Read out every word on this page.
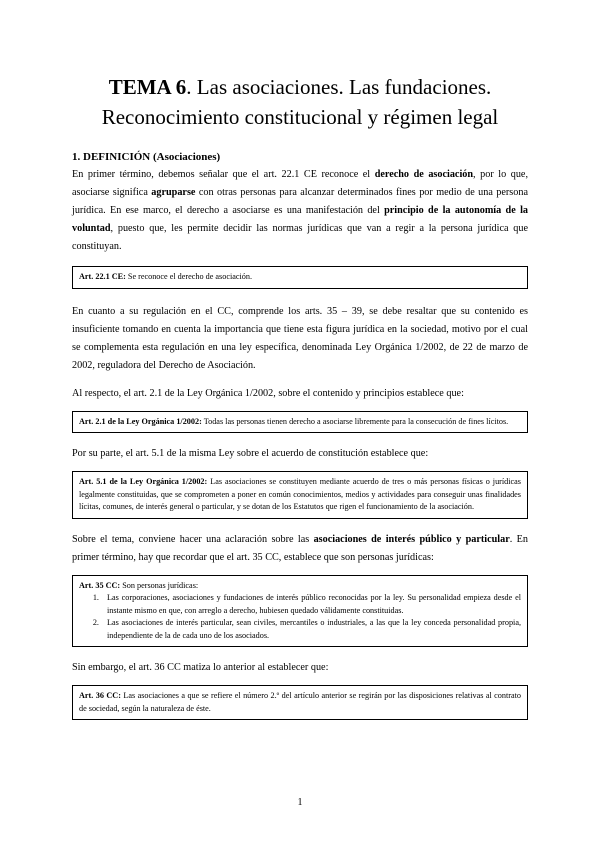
TEMA 6. Las asociaciones. Las fundaciones.
Reconocimiento constitucional y régimen legal
1. DEFINICIÓN (Asociaciones)

En primer término, debemos señalar que el art. 22.1 CE reconoce el derecho de asociación, por lo que, asociarse significa agruparse con otras personas para alcanzar determinados fines por medio de una persona jurídica. En ese marco, el derecho a asociarse es una manifestación del principio de la autonomía de la voluntad, puesto que, les permite decidir las normas jurídicas que van a regir a la persona jurídica que constituyan.

Art. 22.1 CE: Se reconoce el derecho de asociación.

En cuanto a su regulación en el CC, comprende los arts. 35 – 39, se debe resaltar que su contenido es insuficiente tomando en cuenta la importancia que tiene esta figura jurídica en la sociedad, motivo por el cual se complementa esta regulación en una ley específica, denominada Ley Orgánica 1/2002, de 22 de marzo de 2002, reguladora del Derecho de Asociación.

Al respecto, el art. 2.1 de la Ley Orgánica 1/2002, sobre el contenido y principios establece que:

Art. 2.1 de la Ley Orgánica 1/2002: Todas las personas tienen derecho a asociarse libremente para la consecución de fines lícitos.

Por su parte, el art. 5.1 de la misma Ley sobre el acuerdo de constitución establece que:

Art. 5.1 de la Ley Orgánica 1/2002: Las asociaciones se constituyen mediante acuerdo de tres o más personas físicas o jurídicas legalmente constituidas, que se comprometen a poner en común conocimientos, medios y actividades para conseguir unas finalidades lícitas, comunes, de interés general o particular, y se dotan de los Estatutos que rigen el funcionamiento de la asociación.

Sobre el tema, conviene hacer una aclaración sobre las asociaciones de interés público y particular. En primer término, hay que recordar que el art. 35 CC, establece que son personas jurídicas:

Art. 35 CC: Son personas jurídicas:
1. Las corporaciones, asociaciones y fundaciones de interés público reconocidas por la ley. Su personalidad empieza desde el instante mismo en que, con arreglo a derecho, hubiesen quedado válidamente constituidas.
2. Las asociaciones de interés particular, sean civiles, mercantiles o industriales, a las que la ley conceda personalidad propia, independiente de la de cada uno de los asociados.

Sin embargo, el art. 36 CC matiza lo anterior al establecer que:

Art. 36 CC: Las asociaciones a que se refiere el número 2.º del artículo anterior se regirán por las disposiciones relativas al contrato de sociedad, según la naturaleza de éste.
1
